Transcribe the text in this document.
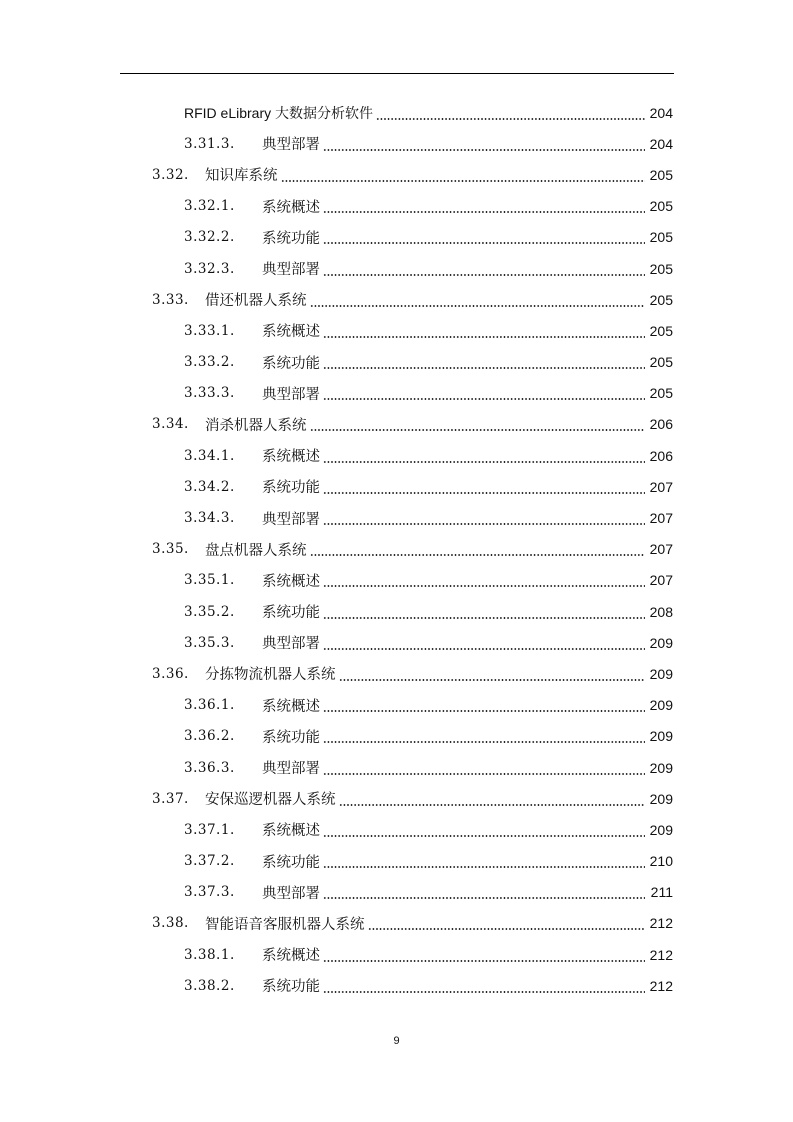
RFID eLibrary 大数据分析软件	204
3.31.3.	典型部署	204
3.32.	知识库系统	205
3.32.1.	系统概述	205
3.32.2.	系统功能	205
3.32.3.	典型部署	205
3.33.	借还机器人系统	205
3.33.1.	系统概述	205
3.33.2.	系统功能	205
3.33.3.	典型部署	205
3.34.	消杀机器人系统	206
3.34.1.	系统概述	206
3.34.2.	系统功能	207
3.34.3.	典型部署	207
3.35.	盘点机器人系统	207
3.35.1.	系统概述	207
3.35.2.	系统功能	208
3.35.3.	典型部署	209
3.36.	分拣物流机器人系统	209
3.36.1.	系统概述	209
3.36.2.	系统功能	209
3.36.3.	典型部署	209
3.37.	安保巡逻机器人系统	209
3.37.1.	系统概述	209
3.37.2.	系统功能	210
3.37.3.	典型部署	211
3.38.	智能语音客服机器人系统	212
3.38.1.	系统概述	212
3.38.2.	系统功能	212
9
